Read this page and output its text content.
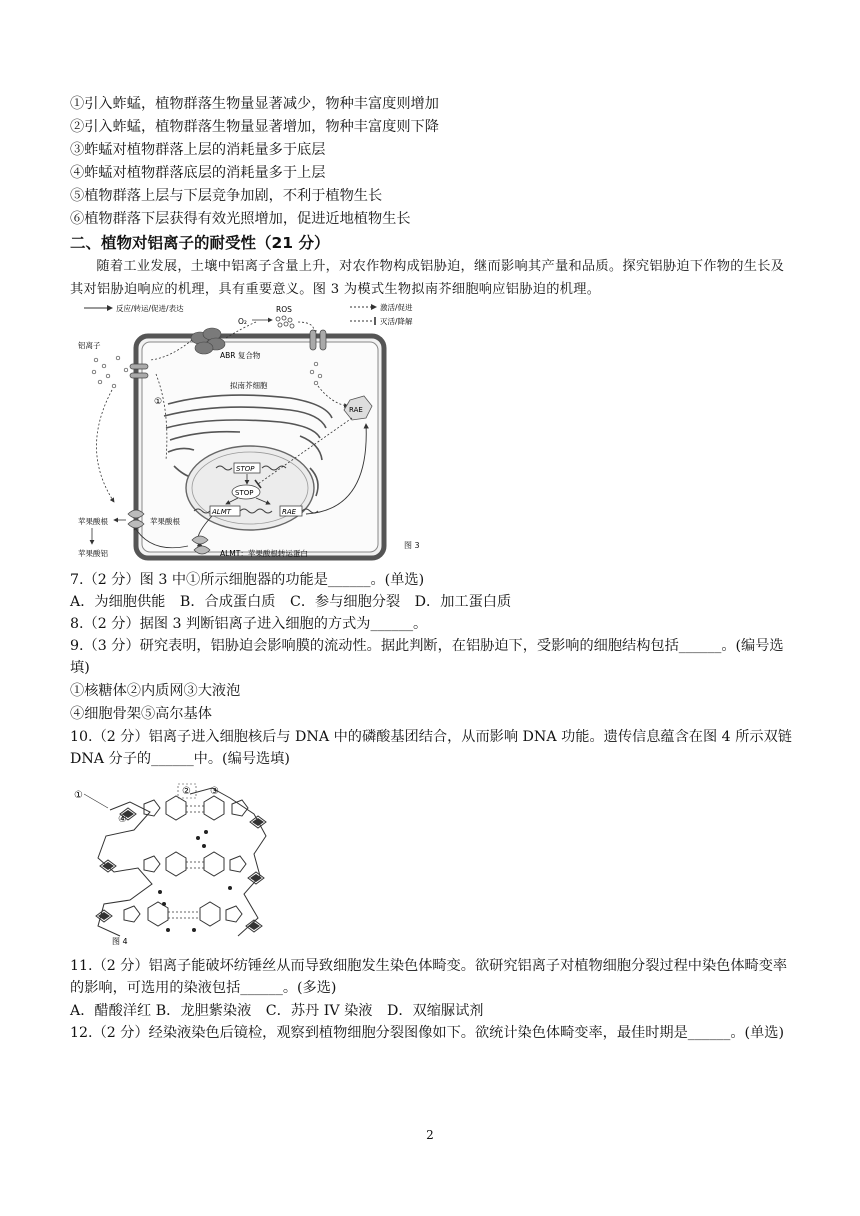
①引入蚱蜢，植物群落生物量显著减少，物种丰富度则增加
②引入蚱蜢，植物群落生物量显著增加，物种丰富度则下降
③蚱蜢对植物群落上层的消耗量多于底层
④蚱蜢对植物群落底层的消耗量多于上层
⑤植物群落上层与下层竞争加剧，不利于植物生长
⑥植物群落下层获得有效光照增加，促进近地植物生长
二、植物对铝离子的耐受性（21 分）
随着工业发展，土壤中铝离子含量上升，对农作物构成铝胁迫，继而影响其产量和品质。探究铝胁迫下作物的生长及其对铝胁迫响应的机理，具有重要意义。图 3 为模式生物拟南芥细胞响应铝胁迫的机理。
反应/转运/促进/表达	激活/促进
灭活/降解
ROS
O₂
ABR 复合物
RAE
铝离子
拟南芥细胞
①
STOP
STOP
ALMT	RAE
ALMT：苹果酸根转运蛋白
苹果酸根
苹果酸根
苹果酸铝
图 3
7.（2 分）图 3 中①所示细胞器的功能是______。(单选)
A．为细胞供能 B．合成蛋白质 C．参与细胞分裂 D．加工蛋白质
8.（2 分）据图 3 判断铝离子进入细胞的方式为______。
9.（3 分）研究表明，铝胁迫会影响膜的流动性。据此判断，在铝胁迫下，受影响的细胞结构包括______。(编号选填)
①核糖体②内质网③大液泡
④细胞骨架⑤高尔基体
10.（2 分）铝离子进入细胞核后与 DNA 中的磷酸基团结合，从而影响 DNA 功能。遗传信息蕴含在图 4 所示双链 DNA 分子的______中。(编号选填)
①	② ③
④
图 4
11.（2 分）铝离子能破坏纺锤丝从而导致细胞发生染色体畸变。欲研究铝离子对植物细胞分裂过程中染色体畸变率的影响，可选用的染液包括______。(多选)
A．醋酸洋红 B．龙胆紫染液 C．苏丹 IV 染液 D．双缩脲试剂
12.（2 分）经染液染色后镜检，观察到植物细胞分裂图像如下。欲统计染色体畸变率，最佳时期是______。(单选)
2
